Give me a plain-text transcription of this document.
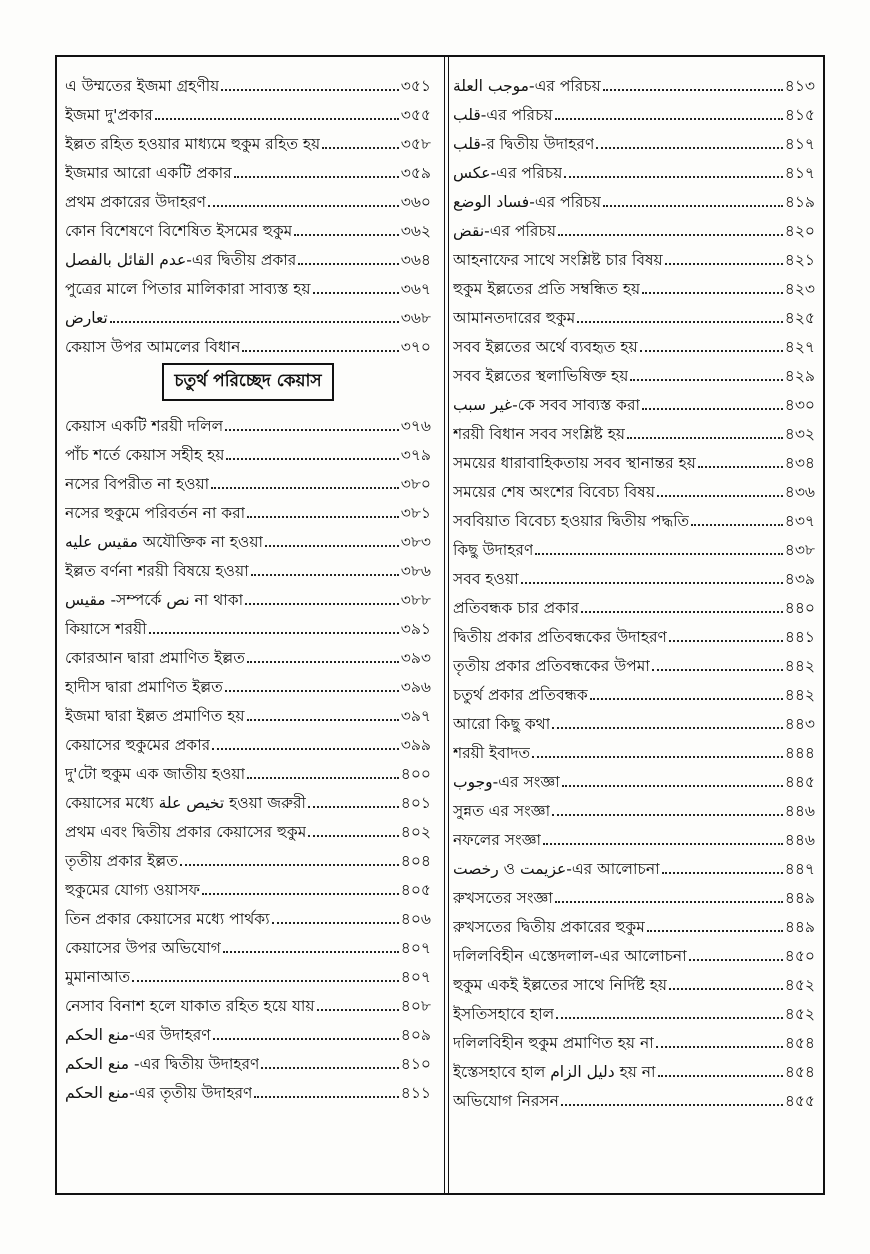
এ উম্মতের ইজমা গ্রহণীয়	৩৫১
ইজমা দু'প্রকার	৩৫৫
ইল্লত রহিত হওয়ার মাধ্যমে হুকুম রহিত হয়	৩৫৮
ইজমার আরো একটি প্রকার	৩৫৯
প্রথম প্রকারের উদাহরণ	৩৬০
কোন বিশেষণে বিশেষিত ইসমের হুকুম	৩৬২
عدم القائل بالفصل-এর দ্বিতীয় প্রকার	৩৬৪
পুত্রের মালে পিতার মালিকারা সাব্যস্ত হয়	৩৬৭
تعارض	৩৬৮
কেয়াস উপর আমলের বিধান	৩৭০
চতুর্থ পরিচ্ছেদ কেয়াস
কেয়াস একটি শরয়ী দলিল	৩৭৬
পাঁচ শর্তে কেয়াস সহীহ হয়	৩৭৯
নসের বিপরীত না হওয়া	৩৮০
নসের হুকুমে পরিবর্তন না করা	৩৮১
مقيس عليه অযৌক্তিক না হওয়া	৩৮৩
ইল্লত বর্ণনা শরয়ী বিষয়ে হওয়া	৩৮৬
مقيس -সম্পর্কে نص না থাকা	৩৮৮
কিয়াসে শরয়ী	৩৯১
কোরআন দ্বারা প্রমাণিত ইল্লত	৩৯৩
হাদীস দ্বারা প্রমাণিত ইল্লত	৩৯৬
ইজমা দ্বারা ইল্লত প্রমাণিত হয়	৩৯৭
কেয়াসের হুকুমের প্রকার	৩৯৯
দু'টো হুকুম এক জাতীয় হওয়া	৪০০
কেয়াসের মধ্যে تخيص علة হওয়া জরুরী	৪০১
প্রথম এবং দ্বিতীয় প্রকার কেয়াসের হুকুম	৪০২
তৃতীয় প্রকার ইল্লত	৪০৪
হুকুমের যোগ্য ওয়াসফ	৪০৫
তিন প্রকার কেয়াসের মধ্যে পার্থক্য	৪০৬
কেয়াসের উপর অভিযোগ	৪০৭
মুমানাআত	৪০৭
নেসাব বিনাশ হলে যাকাত রহিত হয়ে যায়	৪০৮
منع الحكم-এর উদাহরণ	৪০৯
منع الحكم -এর দ্বিতীয় উদাহরণ	৪১০
منع الحكم-এর তৃতীয় উদাহরণ	৪১১
موجب العلة-এর পরিচয়	৪১৩
قلب-এর পরিচয়	৪১৫
قلب-র দ্বিতীয় উদাহরণ	৪১৭
عكس-এর পরিচয়	৪১৭
فساد الوضع-এর পরিচয়	৪১৯
نقض-এর পরিচয়	৪২০
আহনাফের সাথে সংশ্লিষ্ট চার বিষয়	৪২১
হুকুম ইল্লতের প্রতি সম্বন্ধিত হয়	৪২৩
আমানতদারের হুকুম	৪২৫
সবব ইল্লতের অর্থে ব্যবহৃত হয়	৪২৭
সবব ইল্লতের স্থলাভিষিক্ত হয়	৪২৯
غير سبب-কে সবব সাব্যস্ত করা	৪৩০
শরয়ী বিধান সবব সংশ্লিষ্ট হয়	৪৩২
সময়ের ধারাবাহিকতায় সবব স্থানান্তর হয়	৪৩৪
সময়ের শেষ অংশের বিবেচ্য বিষয়	৪৩৬
সববিয়াত বিবেচ্য হওয়ার দ্বিতীয় পদ্ধতি	৪৩৭
কিছু উদাহরণ	৪৩৮
সবব হওয়া	৪৩৯
প্রতিবন্ধক চার প্রকার	৪৪০
দ্বিতীয় প্রকার প্রতিবন্ধকের উদাহরণ	৪৪১
তৃতীয় প্রকার প্রতিবন্ধকের উপমা	৪৪২
চতুর্থ প্রকার প্রতিবন্ধক	৪৪২
আরো কিছু কথা	৪৪৩
শরয়ী ইবাদত	৪৪৪
وجوب-এর সংজ্ঞা	৪৪৫
সুন্নত এর সংজ্ঞা	৪৪৬
নফলের সংজ্ঞা	৪৪৬
رخصت ও عزيمت-এর আলোচনা	৪৪৭
রুখসতের সংজ্ঞা	৪৪৯
রুখসতের দ্বিতীয় প্রকারের হুকুম	৪৪৯
দলিলবিহীন এস্তেদলাল-এর আলোচনা	৪৫০
হুকুম একই ইল্লতের সাথে নির্দিষ্ট হয়	৪৫২
ইসতিসহাবে হাল	৪৫২
দলিলবিহীন হুকুম প্রমাণিত হয় না	৪৫৪
ইস্তেসহাবে হাল دليل الزام হয় না	৪৫৪
অভিযোগ নিরসন	৪৫৫
